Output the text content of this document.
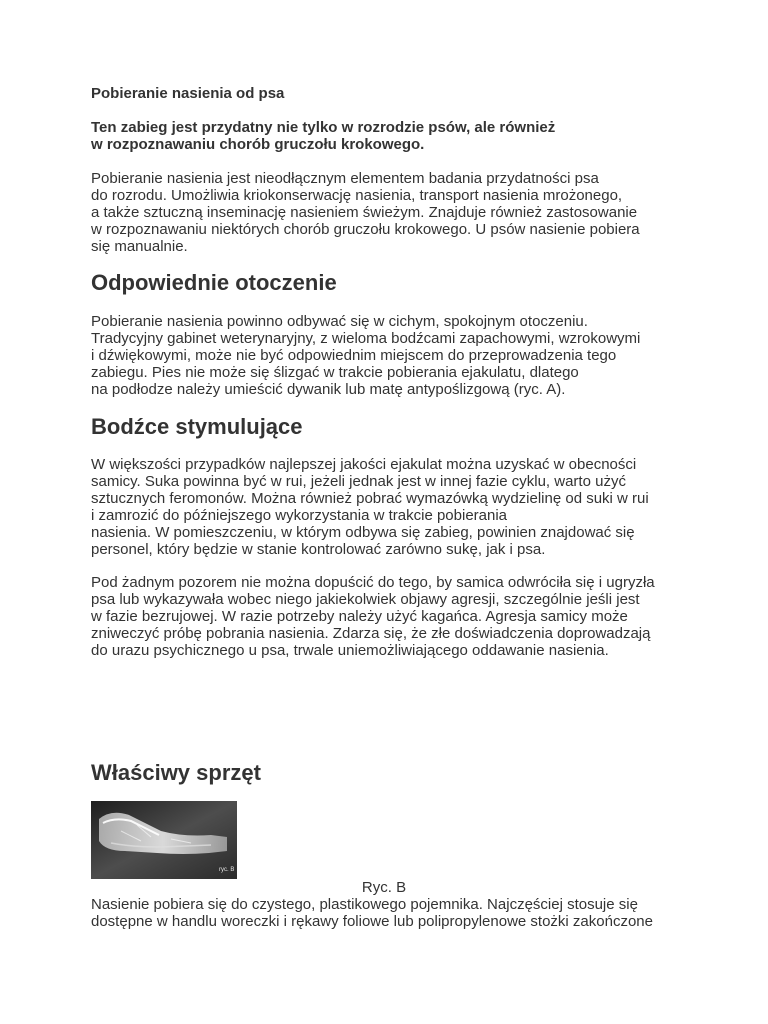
Pobieranie nasienia od psa

Ten zabieg jest przydatny nie tylko w rozrodzie psów, ale również
w rozpoznawaniu chorób gruczołu krokowego.

Pobieranie nasienia jest nieodłącznym elementem badania przydatności psa
do rozrodu. Umożliwia kriokonserwację nasienia, transport nasienia mrożonego,
a także sztuczną inseminację nasieniem świeżym. Znajduje również zastosowanie
w rozpoznawaniu niektórych chorób gruczołu krokowego. U psów nasienie pobiera
się manualnie.

Odpowiednie otoczenie

Pobieranie nasienia powinno odbywać się w cichym, spokojnym otoczeniu.
Tradycyjny gabinet weterynaryjny, z wieloma bodźcami zapachowymi, wzrokowymi
i dźwiękowymi, może nie być odpowiednim miejscem do przeprowadzenia tego
zabiegu. Pies nie może się ślizgać w trakcie pobierania ejakulatu, dlatego
na podłodze należy umieścić dywanik lub matę antypoślizgową (ryc. A).

Bodźce stymulujące

W większości przypadków najlepszej jakości ejakulat można uzyskać w obecności
samicy. Suka powinna być w rui, jeżeli jednak jest w innej fazie cyklu, warto użyć
sztucznych feromonów. Można również pobrać wymazówką wydzielinę od suki w rui
i zamrozić do późniejszego wykorzystania w trakcie pobierania
nasienia. W pomieszczeniu, w którym odbywa się zabieg, powinien znajdować się
personel, który będzie w stanie kontrolować zarówno sukę, jak i psa.

Pod żadnym pozorem nie można dopuścić do tego, by samica odwróciła się i ugryzła
psa lub wykazywała wobec niego jakiekolwiek objawy agresji, szczególnie jeśli jest
w fazie bezrujowej. W razie potrzeby należy użyć kagańca. Agresja samicy może
zniweczyć próbę pobrania nasienia. Zdarza się, że złe doświadczenia doprowadzają
do urazu psychicznego u psa, trwale uniemożliwiającego oddawanie nasienia.

Właściwy sprzęt
ryc. B
Ryc. B

Nasienie pobiera się do czystego, plastikowego pojemnika. Najczęściej stosuje się
dostępne w handlu woreczki i rękawy foliowe lub polipropylenowe stożki zakończone
